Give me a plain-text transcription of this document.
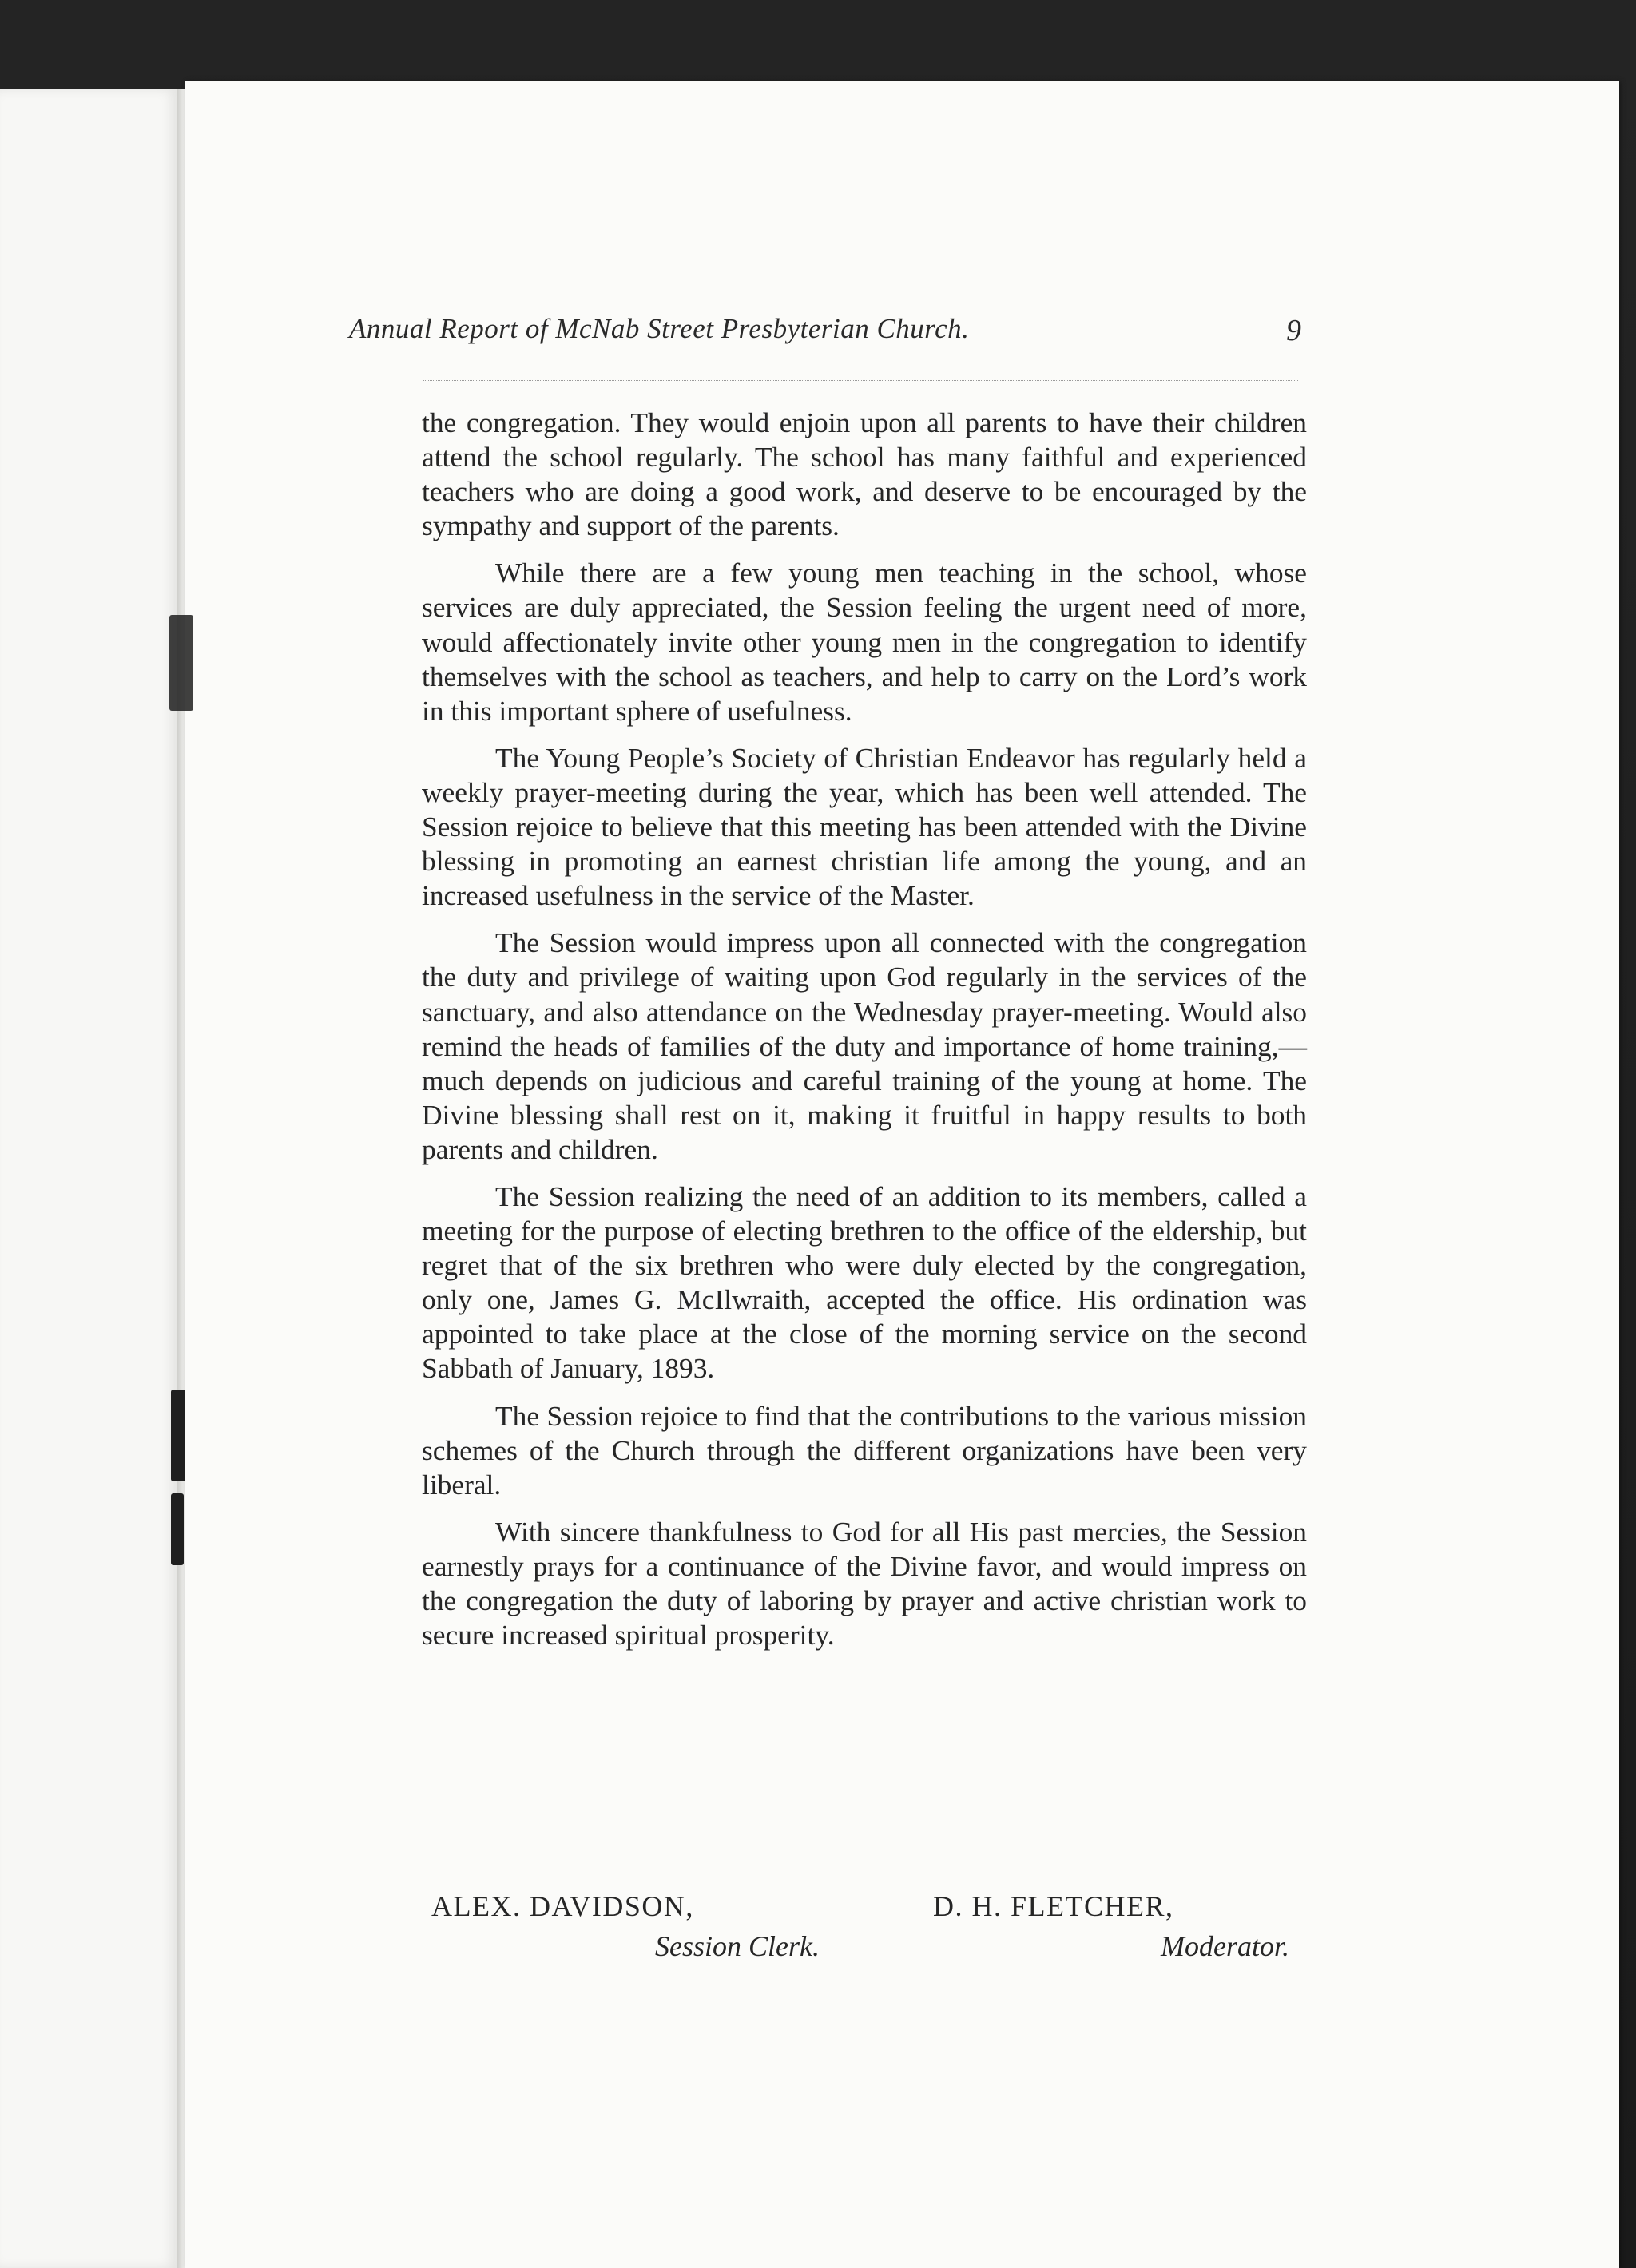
Annual Report of McNab Street Presbyterian Church.	9

the congregation. They would enjoin upon all parents to have their children attend the school regularly. The school has many faithful and experienced teachers who are doing a good work, and deserve to be encouraged by the sympathy and support of the parents.

While there are a few young men teaching in the school, whose services are duly appreciated, the Session feeling the urgent need of more, would affectionately invite other young men in the congregation to identify themselves with the school as teachers, and help to carry on the Lord’s work in this important sphere of usefulness.

The Young People’s Society of Christian Endeavor has regularly held a weekly prayer-meeting during the year, which has been well attended. The Session rejoice to believe that this meeting has been attended with the Divine blessing in promoting an earnest christian life among the young, and an increased usefulness in the service of the Master.

The Session would impress upon all connected with the congregation the duty and privilege of waiting upon God regularly in the services of the sanctuary, and also attendance on the Wednesday prayer-meeting. Would also remind the heads of families of the duty and importance of home training,—much depends on judicious and careful training of the young at home. The Divine blessing shall rest on it, making it fruitful in happy results to both parents and children.

The Session realizing the need of an addition to its members, called a meeting for the purpose of electing brethren to the office of the eldership, but regret that of the six brethren who were duly elected by the congregation, only one, James G. McIlwraith, accepted the office. His ordination was appointed to take place at the close of the morning service on the second Sabbath of January, 1893.

The Session rejoice to find that the contributions to the various mission schemes of the Church through the different organizations have been very liberal.

With sincere thankfulness to God for all His past mercies, the Session earnestly prays for a continuance of the Divine favor, and would impress on the congregation the duty of laboring by prayer and active christian work to secure increased spiritual prosperity.

ALEX. DAVIDSON,
Session Clerk.
D. H. FLETCHER,
Moderator.
